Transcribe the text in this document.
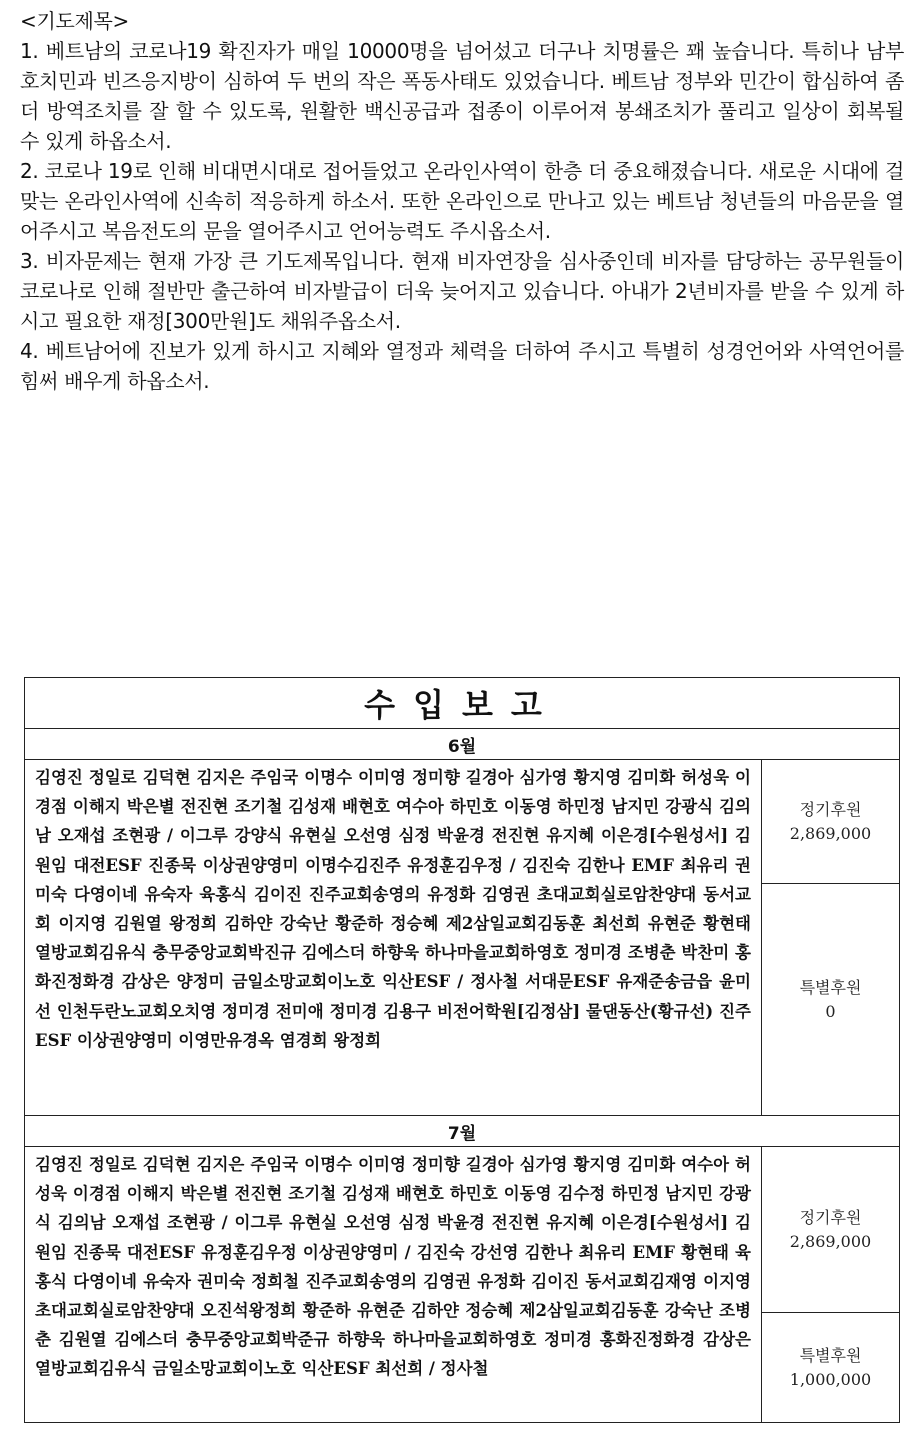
<기도제목>

1. 베트남의 코로나19 확진자가 매일 10000명을 넘어섰고 더구나 치명률은 꽤 높습니다. 특히나 남부호치민과 빈즈응지방이 심하여 두 번의 작은 폭동사태도 있었습니다. 베트남 정부와 민간이 합심하여 좀 더 방역조치를 잘 할 수 있도록, 원활한 백신공급과 접종이 이루어져 봉쇄조치가 풀리고 일상이 회복될 수 있게 하옵소서.

2. 코로나 19로 인해 비대면시대로 접어들었고 온라인사역이 한층 더 중요해졌습니다. 새로운 시대에 걸맞는 온라인사역에 신속히 적응하게 하소서. 또한 온라인으로 만나고 있는 베트남 청년들의 마음문을 열어주시고 복음전도의 문을 열어주시고 언어능력도 주시옵소서.

3. 비자문제는 현재 가장 큰 기도제목입니다. 현재 비자연장을 심사중인데 비자를 담당하는 공무원들이 코로나로 인해 절반만 출근하여 비자발급이 더욱 늦어지고 있습니다. 아내가 2년비자를 받을 수 있게 하시고 필요한 재정[300만원]도 채워주옵소서.

4. 베트남어에 진보가 있게 하시고 지혜와 열정과 체력을 더하여 주시고 특별히 성경언어와 사역언어를 힘써 배우게 하옵소서.

수입보고	
6월	
김영진 정일로 김덕현 김지은 주임국 이명수 이미영 정미향 길경아 심가영 황지영 김미화 허성욱 이경점 이해지 박은별 전진현 조기철 김성재 배현호 여수아 하민호 이동영 하민정 남지민 강광식 김의남 오재섭 조현광 / 이그루 강양식 유현실 오선영 심정 박윤경 전진현 유지혜 이은경[수원성서] 김원임 대전ESF 진종묵 이상권양영미 이명수김진주 유정훈김우정 / 김진숙 김한나 EMF 최유리 권미숙 다영이네 유숙자 육홍식 김이진 진주교회송영의 유정화 김영권 초대교회실로암찬양대 동서교회 이지영 김원열 왕정희 김하얀 강숙난 황준하 정승혜 제2삼일교회김동훈 최선희 유현준 황현태 열방교회김유식 충무중앙교회박진규 김에스더 하향욱 하나마을교회하영호 정미경 조병춘 박찬미 홍화진정화경 감상은 양정미 금일소망교회이노호 익산ESF / 정사철 서대문ESF 유재준송금읍 윤미선 인천두란노교회오치영 정미경 전미애 정미경 김용구 비전어학원[김정삼] 물댄동산(황규선) 진주ESF 이상권양영미 이영만유경옥 염경희 왕정희	정기후원
2,869,000

	특별후원
0

7월	
김영진 정일로 김덕현 김지은 주임국 이명수 이미영 정미향 길경아 심가영 황지영 김미화 여수아 허성욱 이경점 이해지 박은별 전진현 조기철 김성재 배현호 하민호 이동영 김수정 하민정 남지민 강광식 김의남 오재섭 조현광 / 이그루 유현실 오선영 심정 박윤경 전진현 유지혜 이은경[수원성서] 김원임 진종묵 대전ESF 유정훈김우정 이상권양영미 / 김진숙 강선영 김한나 최유리 EMF 황현태 육홍식 다영이네 유숙자 권미숙 정희철 진주교회송영의 김영권 유정화 김이진 동서교회김재영 이지영 초대교회실로암찬양대 오진석왕정희 황준하 유현준 김하얀 정승혜 제2삼일교회김동훈 강숙난 조병춘 김원열 김에스더 충무중앙교회박준규 하향욱 하나마을교회하영호 정미경 홍화진정화경 감상은 열방교회김유식 금일소망교회이노호 익산ESF 최선희 / 정사철	정기후원
2,869,000

	특별후원
1,000,000
